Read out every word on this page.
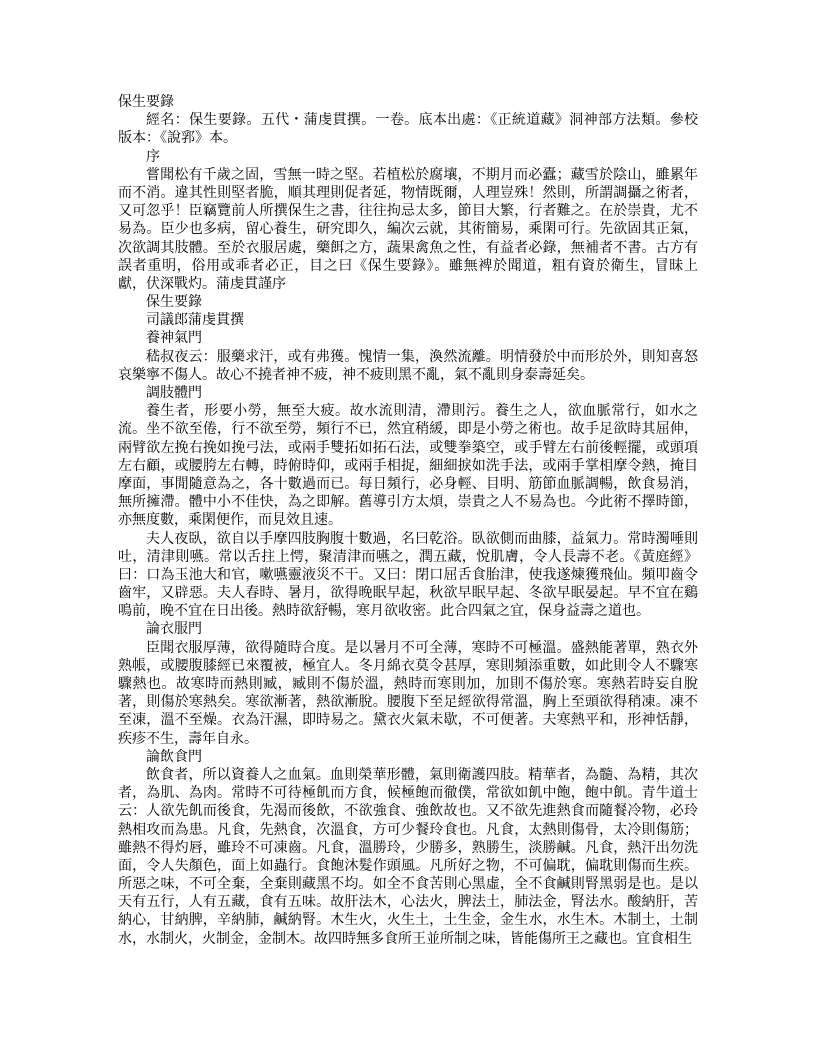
保生要錄

經名：保生要錄。五代・蒲虔貫撰。一卷。底本出處：《正統道藏》洞神部方法類。參校版本：《說郛》本。

序

嘗聞松有千歲之固，雪無一時之堅。若植松於腐壤，不期月而必蠹；藏雪於陰山，雖累年而不消。違其性則堅者脆，順其理則促者延，物情既爾，人理豈殊！然則，所謂調攝之術者，又可忽乎！臣竊覽前人所撰保生之書，往往拘忌太多，節目大繁，行者難之。在於崇貴，尤不易為。臣少也多病，留心養生，研究即久，編次云就，其術簡易，乘閑可行。先欲固其正氣，次欲調其肢體。至於衣服居處，藥餌之方，蔬果禽魚之性，有益者必錄，無補者不書。古方有誤者重明，俗用或乖者必正，目之曰《保生要錄》。雖無裨於聞道，粗有資於衛生，冒昧上獻，伏深戰灼。蒲虔貫謹序

保生要錄

司議郎蒲虔貫撰

養神氣門

嵇叔夜云：服藥求汗，或有弗獲。愧情一集，渙然流離。明情發於中而形於外，則知喜怒哀樂寧不傷人。故心不撓者神不疲，神不疲則黑不亂，氣不亂則身泰壽延矣。

調肢體門

養生者，形要小勞，無至大疲。故水流則清，滯則污。養生之人，欲血脈常行，如水之流。坐不欲至倦，行不欲至勞，頻行不已，然宜稍緩，即是小勞之術也。故手足欲時其屈伸，兩臂欲左挽右挽如挽弓法，或兩手雙拓如拓石法，或雙拳築空，或手臂左右前後輕擺，或頭項左右顧，或腰胯左右轉，時俯時仰，或兩手相捉，細細捩如洗手法，或兩手掌相摩令熱，掩目摩面，事閒隨意為之，各十數過而已。每日頻行，必身輕、目明、筋節血脈調暢，飲食易消，無所擁滯。體中小不佳快，為之即解。舊導引方太煩，崇貴之人不易為也。今此術不擇時節，亦無度數，乘閑便作，而見效且速。

夫人夜臥，欲自以手摩四肢胸腹十數過，名曰乾浴。臥欲側而曲膝，益氣力。常時濁唾則吐，清津則嚥。常以舌拄上愕，聚清津而嚥之，潤五藏，悅肌膚，令人長壽不老。《黃庭經》曰：口為玉池大和官，嗽嚥靈液災不干。又曰：閉口屈舌食胎津，使我遂煉獲飛仙。頻叩齒令齒牢，又辟惡。夫人春時、暑月，欲得晚眠早起，秋欲早眠早起、冬欲早眠晏起。早不宜在鷄鳴前，晚不宜在日出後。熱時欲舒暢，寒月欲收密。此合四氣之宜，保身益壽之道也。

論衣服門

臣聞衣服厚薄，欲得隨時合度。是以暑月不可全薄，寒時不可極溫。盛熱能著單，熟衣外熟帳，或腰腹膝經已來覆被，極宜人。冬月綿衣莫令甚厚，寒則頻添重數，如此則令人不驟寒驟熱也。故寒時而熱則臧，臧則不傷於溫，熱時而寒則加，加則不傷於寒。寒熱若時妄自脫著，則傷於寒熱矣。寒欲漸著，熱欲漸脫。腰腹下至足經欲得常溫，胸上至頭欲得稍凍。凍不至凍，溫不至燥。衣為汗濕，即時易之。黛衣火氣未歇，不可便著。夫寒熱平和，形神恬靜，疾疹不生，壽年自永。

論飲食門

飲食者，所以資養人之血氣。血則榮華形體，氣則衛護四肢。精華者，為髓、為精，其次者，為肌、為肉。常時不可待極飢而方食，候極飽而徹僕，常欲如飢中飽，飽中飢。青牛道士云：人欲先飢而後食，先渴而後飲，不欲強食、強飲故也。又不欲先進熱食而隨餐冷物，必玲熱相攻而為患。凡食，先熱食，次溫食，方可少餐玲食也。凡食，太熱則傷骨，太冷則傷筋；雖熱不得灼唇，雖玲不可凍齒。凡食，溫勝玲，少勝多，熟勝生，淡勝鹹。凡食，熱汗出勿洗面，令人失顏色，面上如蟲行。食飽沐髮作頭風。凡所好之物，不可偏耽，偏耽則傷而生疾。所惡之味，不可全棄，全棄則藏黑不均。如全不食苦則心黑虛，全不食鹹則腎黑弱是也。是以天有五行，人有五藏，食有五味。故肝法木，心法火，脾法土，肺法金，腎法水。酸納肝，苦納心，甘納脾，辛納肺，鹹納腎。木生火，火生土，土生金，金生水，水生木。木制土，土制水，水制火，火制金，金制木。故四時無多食所王並所制之味，皆能傷所王之藏也。宜食相生
